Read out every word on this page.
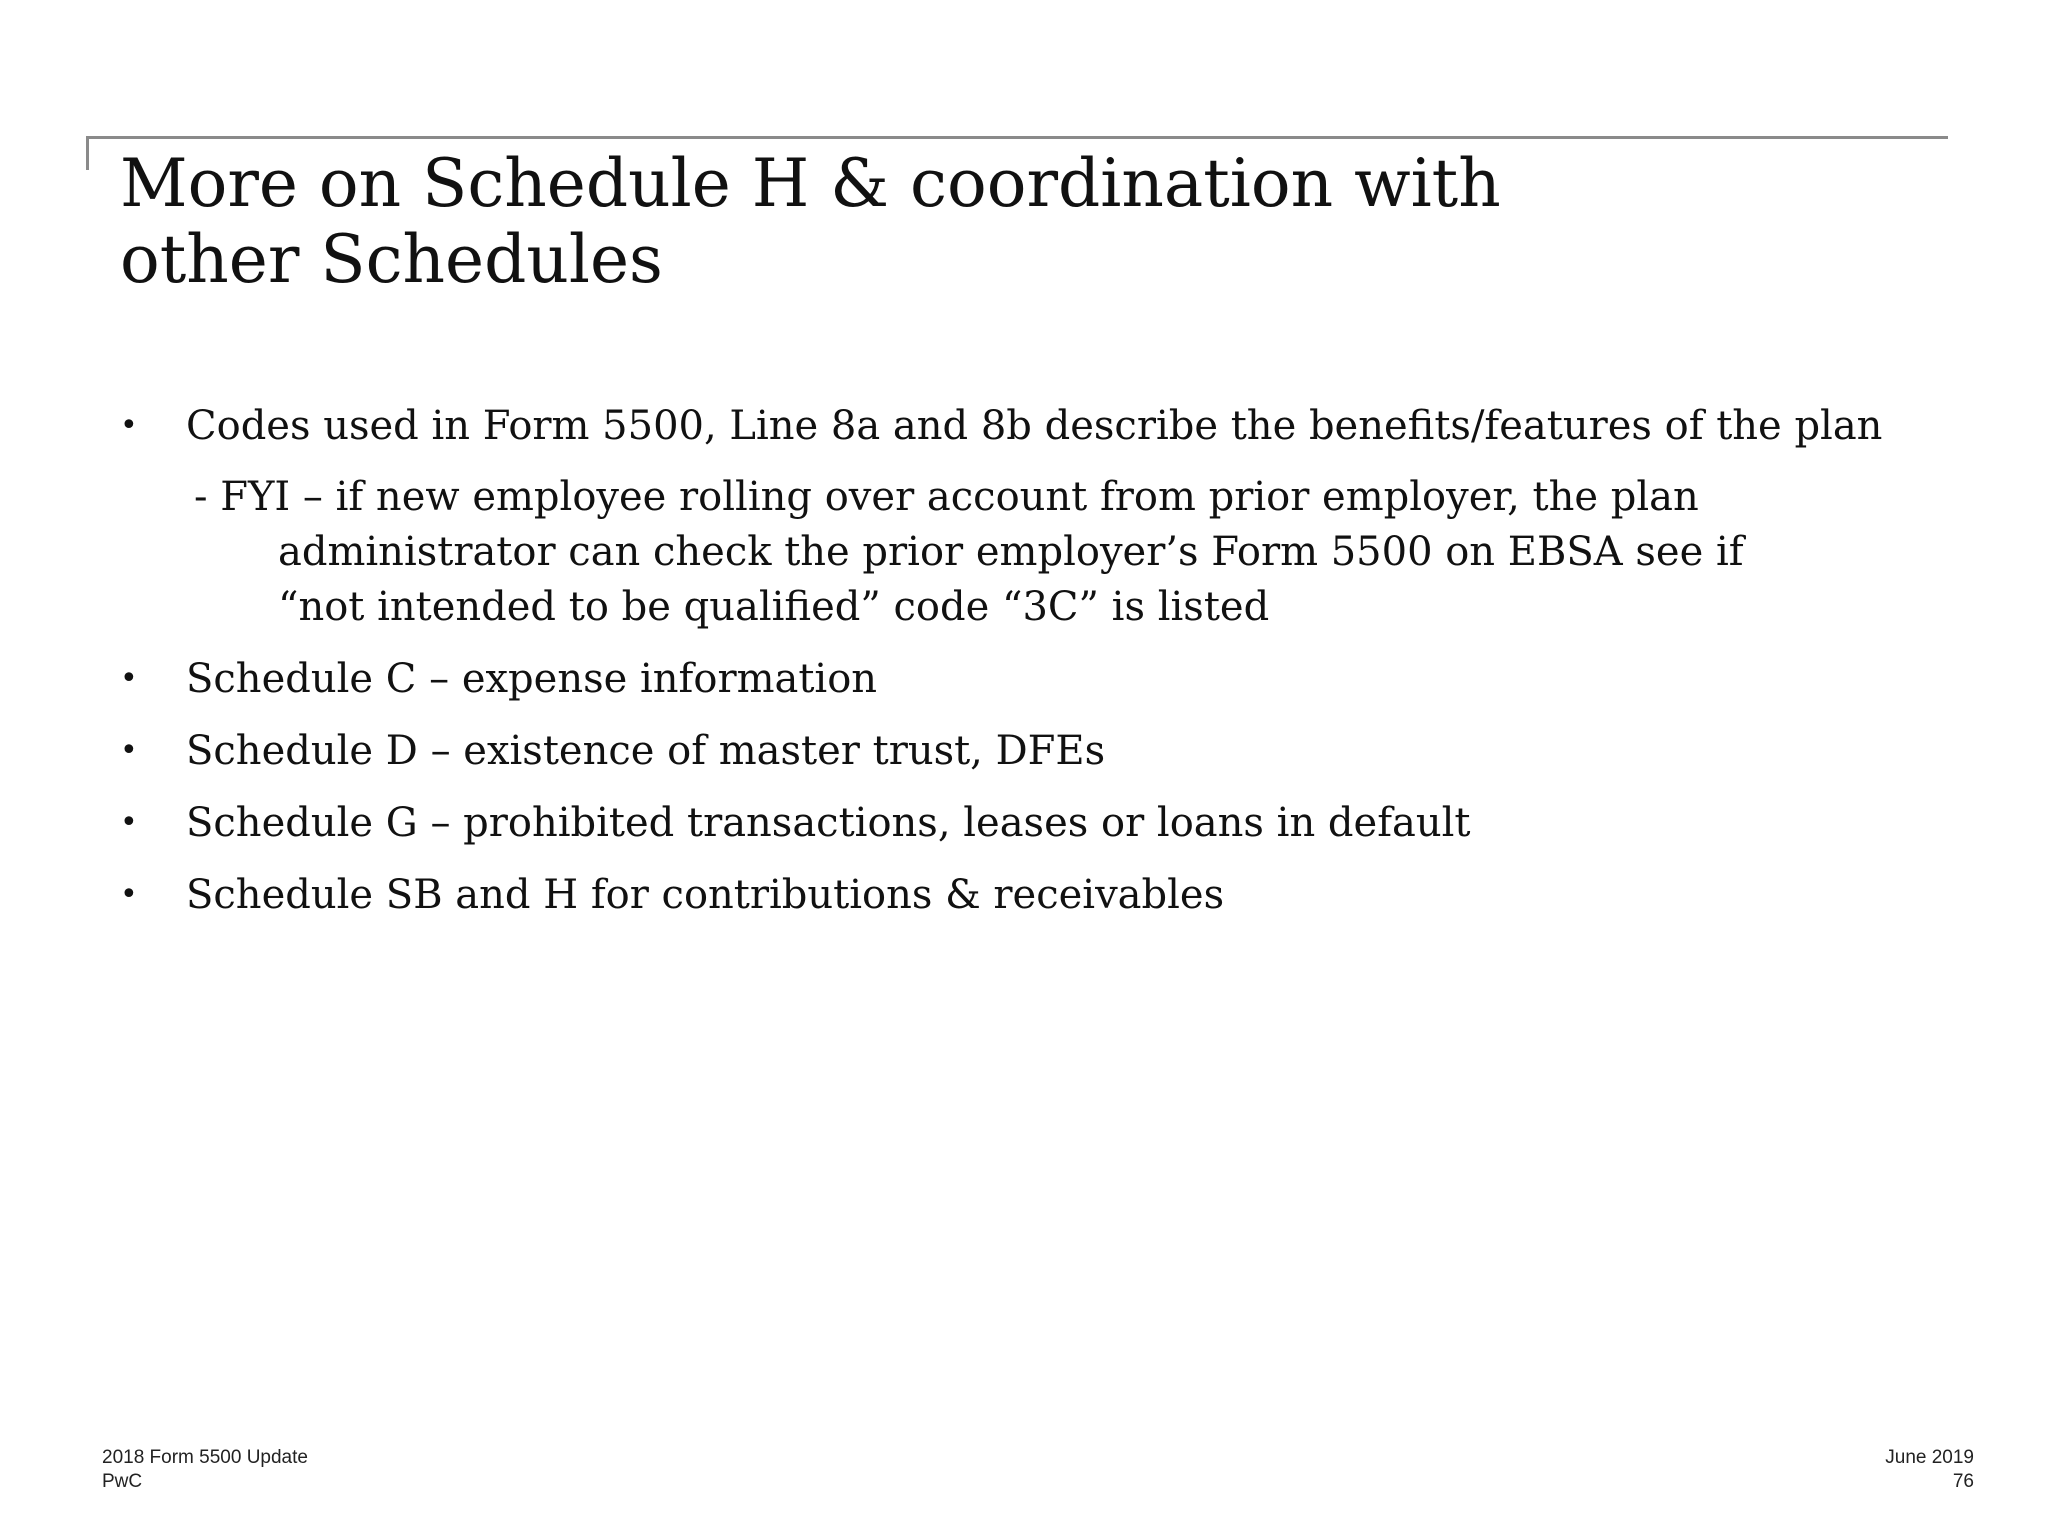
More on Schedule H & coordination with
other Schedules
•	Codes used in Form 5500, Line 8a and 8b describe the benefits/features of the plan
- FYI – if new employee rolling over account from prior employer, the plan
administrator can check the prior employer’s Form 5500 on EBSA see if
“not intended to be qualified” code “3C” is listed
•	Schedule C – expense information
•	Schedule D – existence of master trust, DFEs
•	Schedule G – prohibited transactions, leases or loans in default
•	Schedule SB and H for contributions & receivables
2018 Form 5500 Update
PwC
June 2019
76
